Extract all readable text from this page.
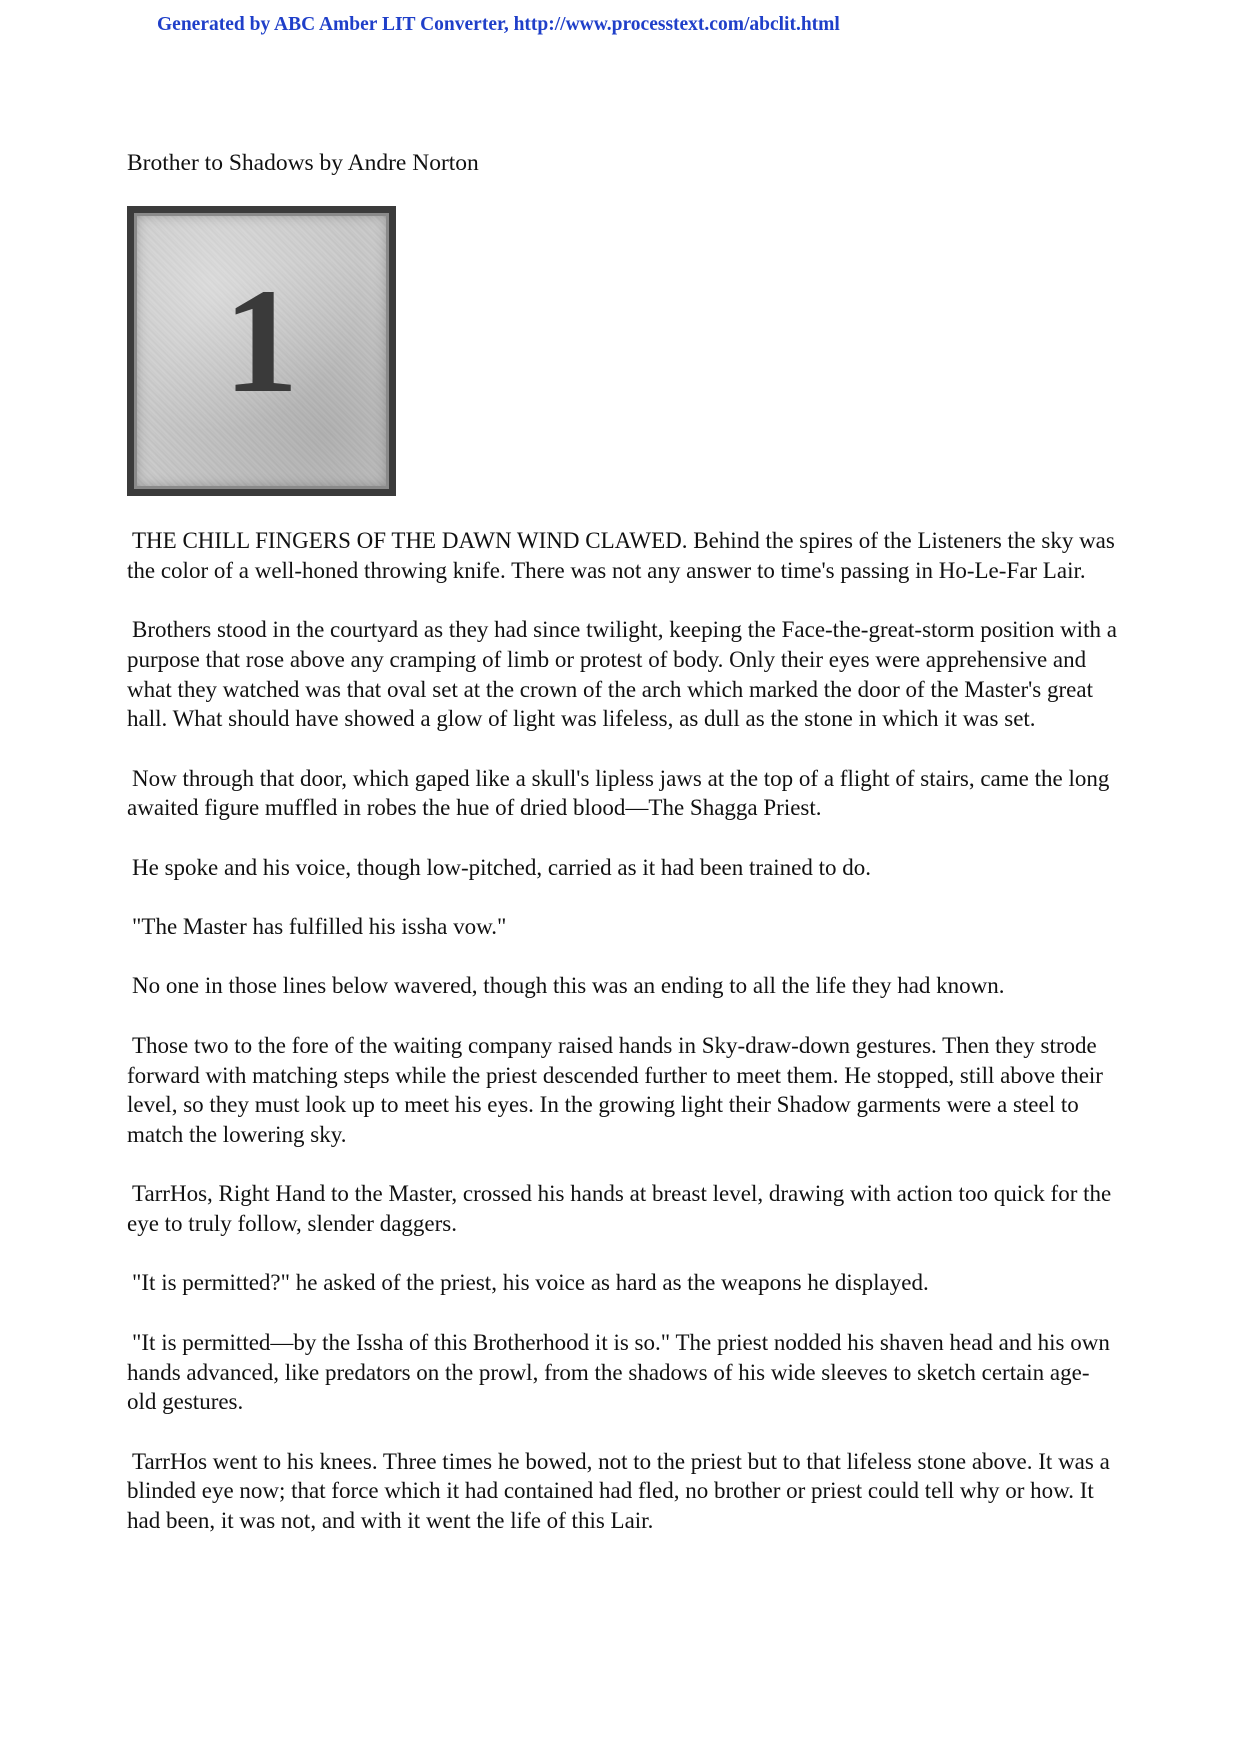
Generated by ABC Amber LIT Converter, http://www.processtext.com/abclit.html

Brother to Shadows by Andre Norton

1

THE CHILL FINGERS OF THE DAWN WIND CLAWED. Behind the spires of the Listeners the sky was the color of a well-honed throwing knife. There was not any answer to time's passing in Ho-Le-Far Lair.

Brothers stood in the courtyard as they had since twilight, keeping the Face-the-great-storm position with a purpose that rose above any cramping of limb or protest of body. Only their eyes were apprehensive and what they watched was that oval set at the crown of the arch which marked the door of the Master's great hall. What should have showed a glow of light was lifeless, as dull as the stone in which it was set.

Now through that door, which gaped like a skull's lipless jaws at the top of a flight of stairs, came the long awaited figure muffled in robes the hue of dried blood—The Shagga Priest.

He spoke and his voice, though low-pitched, carried as it had been trained to do.

"The Master has fulfilled his issha vow."

No one in those lines below wavered, though this was an ending to all the life they had known.

Those two to the fore of the waiting company raised hands in Sky-draw-down gestures. Then they strode forward with matching steps while the priest descended further to meet them. He stopped, still above their level, so they must look up to meet his eyes. In the growing light their Shadow garments were a steel to match the lowering sky.

TarrHos, Right Hand to the Master, crossed his hands at breast level, drawing with action too quick for the eye to truly follow, slender daggers.

"It is permitted?" he asked of the priest, his voice as hard as the weapons he displayed.

"It is permitted—by the Issha of this Brotherhood it is so." The priest nodded his shaven head and his own hands advanced, like predators on the prowl, from the shadows of his wide sleeves to sketch certain age-old gestures.

TarrHos went to his knees. Three times he bowed, not to the priest but to that lifeless stone above. It was a blinded eye now; that force which it had contained had fled, no brother or priest could tell why or how. It had been, it was not, and with it went the life of this Lair.
